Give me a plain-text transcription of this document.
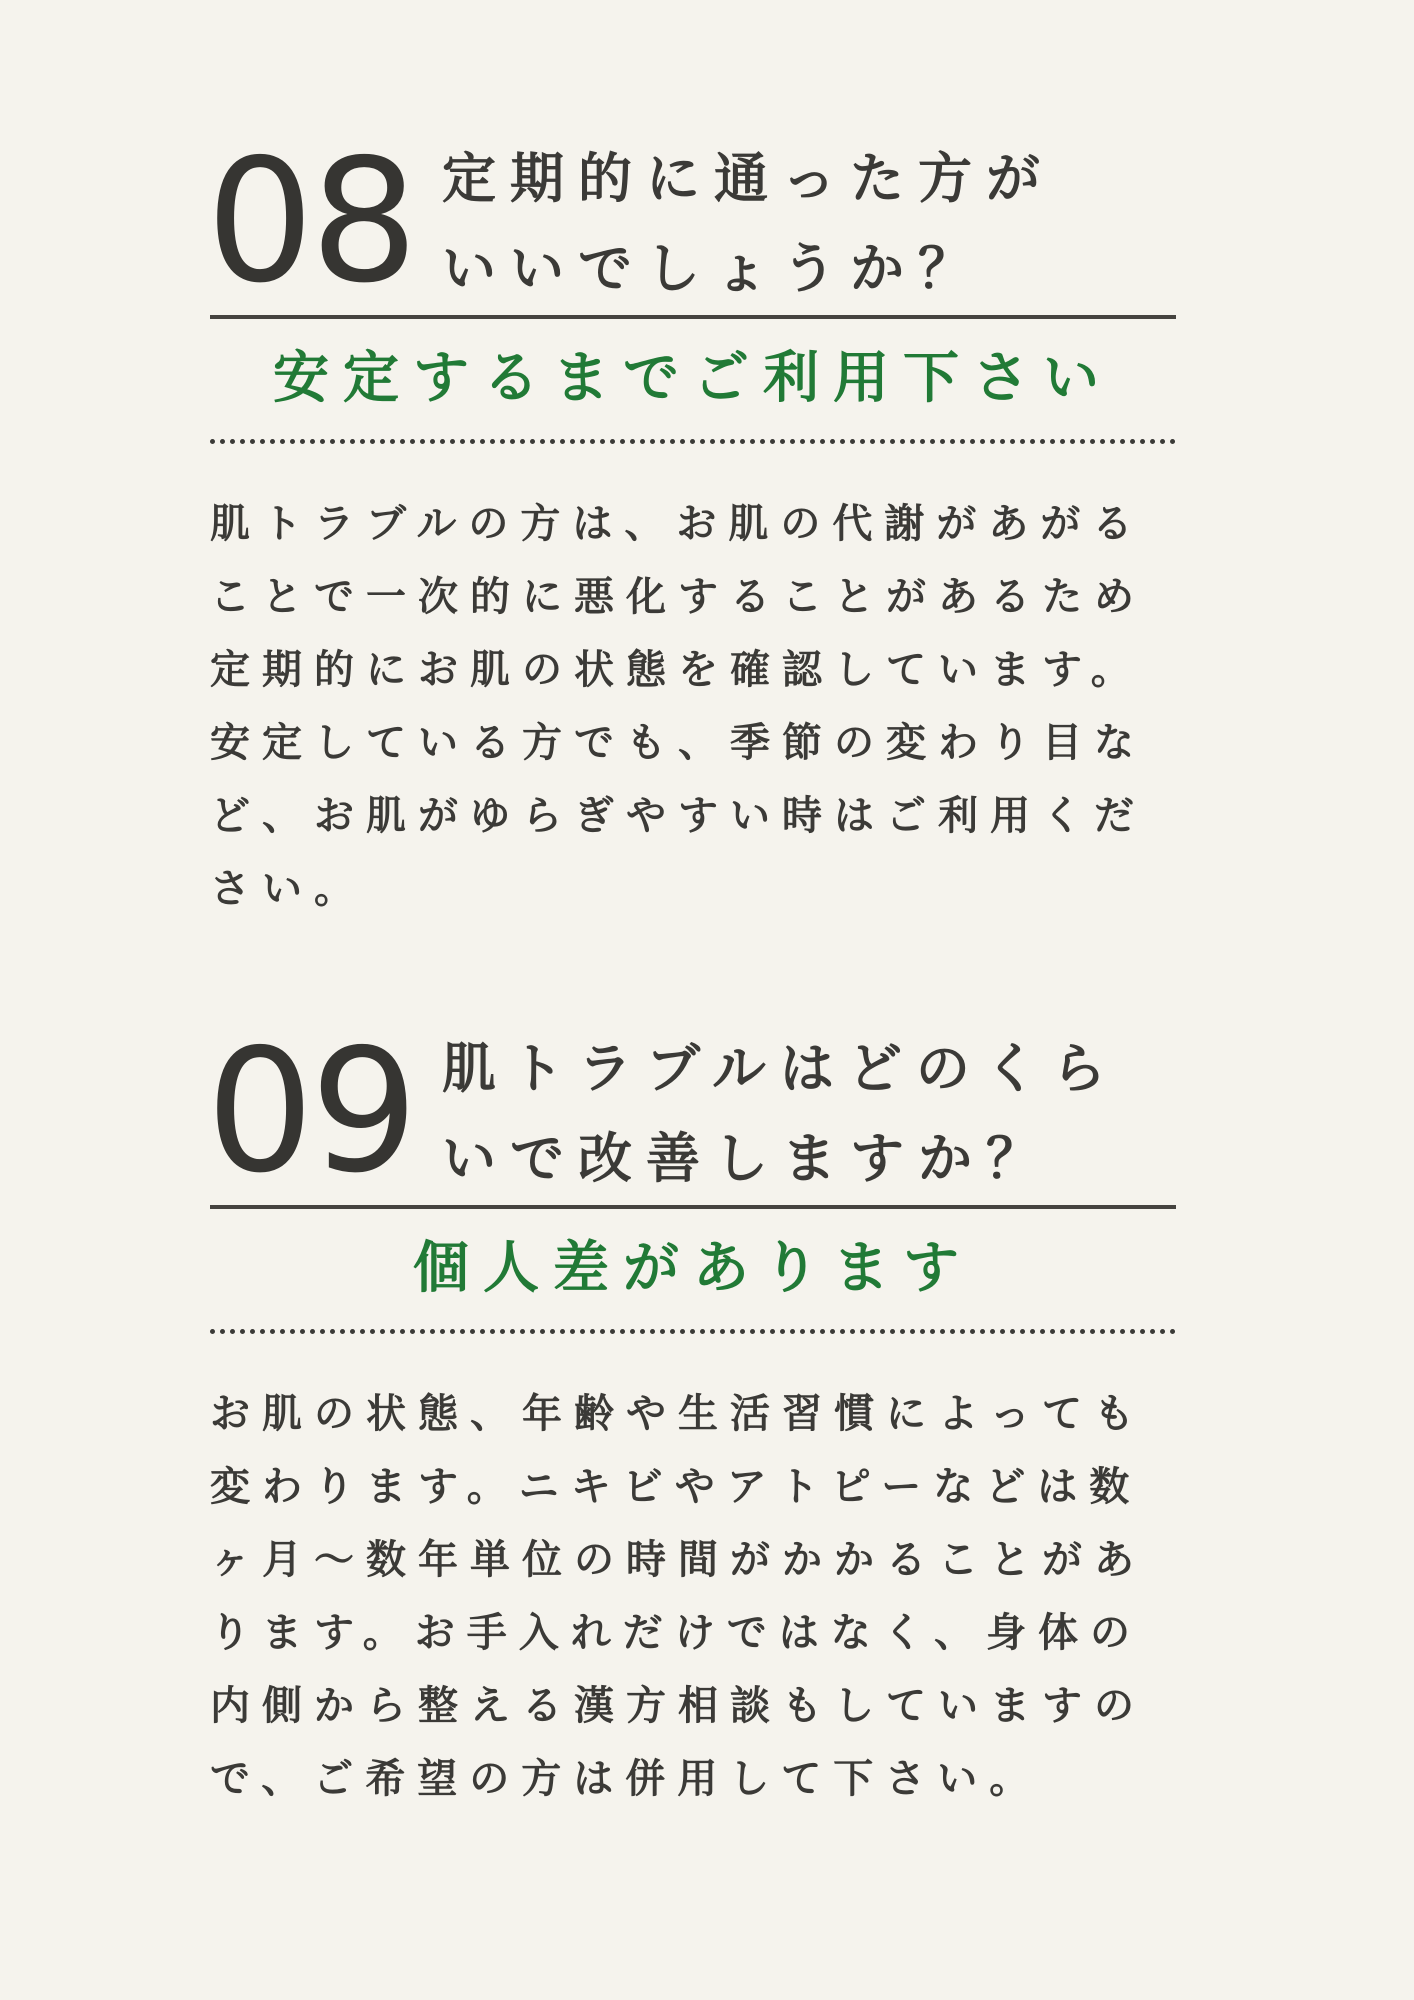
08 定期的に通った方が
いいでしょうか？
安定するまでご利用下さい
肌トラブルの方は、お肌の代謝があがることで一次的に悪化することがあるため定期的にお肌の状態を確認しています。安定している方でも、季節の変わり目など、お肌がゆらぎやすい時はご利用ください。
09 肌トラブルはどのくら
いで改善しますか？
個人差があります
お肌の状態、年齢や生活習慣によっても変わります。ニキビやアトピーなどは数ヶ月〜数年単位の時間がかかることがあります。お手入れだけではなく、身体の内側から整える漢方相談もしていますので、ご希望の方は併用して下さい。
